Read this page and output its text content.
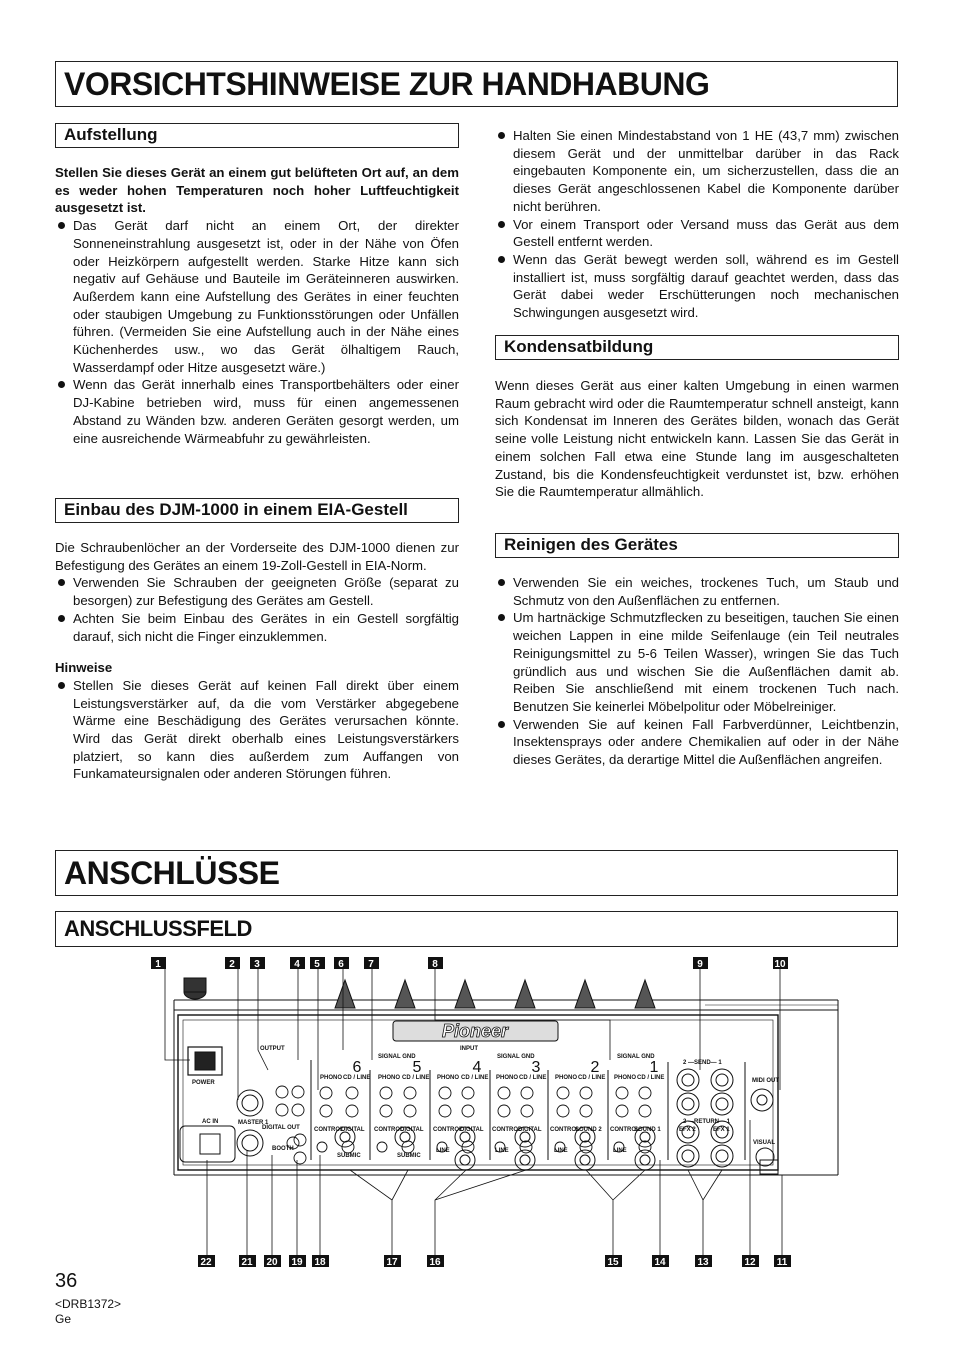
VORSICHTSHINWEISE ZUR HANDHABUNG
Aufstellung
Einbau des DJM-1000 in einem EIA-Gestell
Kondensatbildung
Reinigen des Gerätes

Stellen Sie dieses Gerät an einem gut belüfteten Ort auf, an dem es weder hohen Temperaturen noch hoher Luftfeuchtigkeit ausgesetzt ist.

Das Gerät darf nicht an einem Ort, der direkter Sonneneinstrahlung ausgesetzt ist, oder in der Nähe von Öfen oder Heizkörpern aufgestellt werden. Starke Hitze kann sich negativ auf Gehäuse und Bauteile im Geräteinneren auswirken. Außerdem kann eine Aufstellung des Gerätes in einer feuchten oder staubigen Umgebung zu Funktionsstörungen oder Unfällen führen. (Vermeiden Sie eine Aufstellung auch in der Nähe eines Küchenherdes usw., wo das Gerät ölhaltigem Rauch, Wasserdampf oder Hitze ausgesetzt wäre.)
Wenn das Gerät innerhalb eines Transportbehälters oder einer DJ-Kabine betrieben wird, muss für einen angemessenen Abstand zu Wänden bzw. anderen Geräten gesorgt werden, um eine ausreichende Wärmeabfuhr zu gewährleisten.

Die Schraubenlöcher an der Vorderseite des DJM-1000 dienen zur Befestigung des Gerätes an einem 19-Zoll-Gestell in EIA-Norm.

Verwenden Sie Schrauben der geeigneten Größe (separat zu besorgen) zur Befestigung des Gerätes am Gestell.
Achten Sie beim Einbau des Gerätes in ein Gestell sorgfältig darauf, sich nicht die Finger einzuklemmen.

Hinweise

Stellen Sie dieses Gerät auf keinen Fall direkt über einem Leistungsverstärker auf, da die vom Verstärker abgegebene Wärme eine Beschädigung des Gerätes verursachen könnte. Wird das Gerät direkt oberhalb eines Leistungsverstärkers platziert, so kann dies außerdem zum Auffangen von Funkamateursignalen oder anderen Störungen führen.
Halten Sie einen Mindestabstand von 1 HE (43,7 mm) zwischen diesem Gerät und der unmittelbar darüber in das Rack eingebauten Komponente ein, um sicherzustellen, dass die an dieses Gerät angeschlossenen Kabel die Komponente darüber nicht berühren.
Vor einem Transport oder Versand muss das Gerät aus dem Gestell entfernt werden.
Wenn das Gerät bewegt werden soll, während es im Gestell installiert ist, muss sorgfältig darauf geachtet werden, dass das Gerät dabei weder Erschütterungen noch mechanischen Schwingungen ausgesetzt wird.

Wenn dieses Gerät aus einer kalten Umgebung in einen warmen Raum gebracht wird oder die Raumtemperatur schnell ansteigt, kann sich Kondensat im Inneren des Gerätes bilden, wonach das Gerät seine volle Leistung nicht entwickeln kann. Lassen Sie das Gerät in einem solchen Fall etwa eine Stunde lang im ausgeschalteten Zustand, bis die Kondensfeuchtigkeit verdunstet ist, bzw. erhöhen Sie die Raumtemperatur allmählich.

Verwenden Sie ein weiches, trockenes Tuch, um Staub und Schmutz von den Außenflächen zu entfernen.
Um hartnäckige Schmutzflecken zu beseitigen, tauchen Sie einen weichen Lappen in eine milde Seifenlauge (ein Teil neutrales Reinigungsmittel zu 5-6 Teilen Wasser), wringen Sie das Tuch gründlich aus und wischen Sie die Außenflächen damit ab. Reiben Sie anschließend mit einem trockenen Tuch nach. Benutzen Sie keinerlei Möbelpolitur oder Möbelreiniger.
Verwenden Sie auf keinen Fall Farbverdünner, Leichtbenzin, Insektensprays oder andere Chemikalien auf oder in der Nähe dieses Gerätes, da derartige Mittel die Außenflächen angreifen.
ANSCHLÜSSE
ANSCHLUSSFELD
1	2 3	4 5 6 7	8	9	10
22	21 20 19 18	17	16	15	14	13	12 11
Pioneer
OUTPUT
POWER
MASTER 1
BOOTH
AC IN
DIGITAL OUT
INPUT
SUBMIC	SUBMIC
SIGNAL GND	SIGNAL GND	SIGNAL GND
PHONO CD / LINE PHONO CD / LINE PHONO CD / LINE PHONO CD / LINE PHONO CD / LINE PHONO CD / LINE
LINE	LINE	LINE	LINE
CONTROL
DIGITAL CONTROL
DIGITAL CONTROL
DIGITAL CONTROL
DIGITAL CONTROL
SOUND 2 CONTROL
SOUND 1
2 —SEND— 1
2 —RETURN— 1
EFX 2	EFX 1
MIDI OUT
VISUAL
6	5	4	3	2	1
36
<DRB1372>
Ge
